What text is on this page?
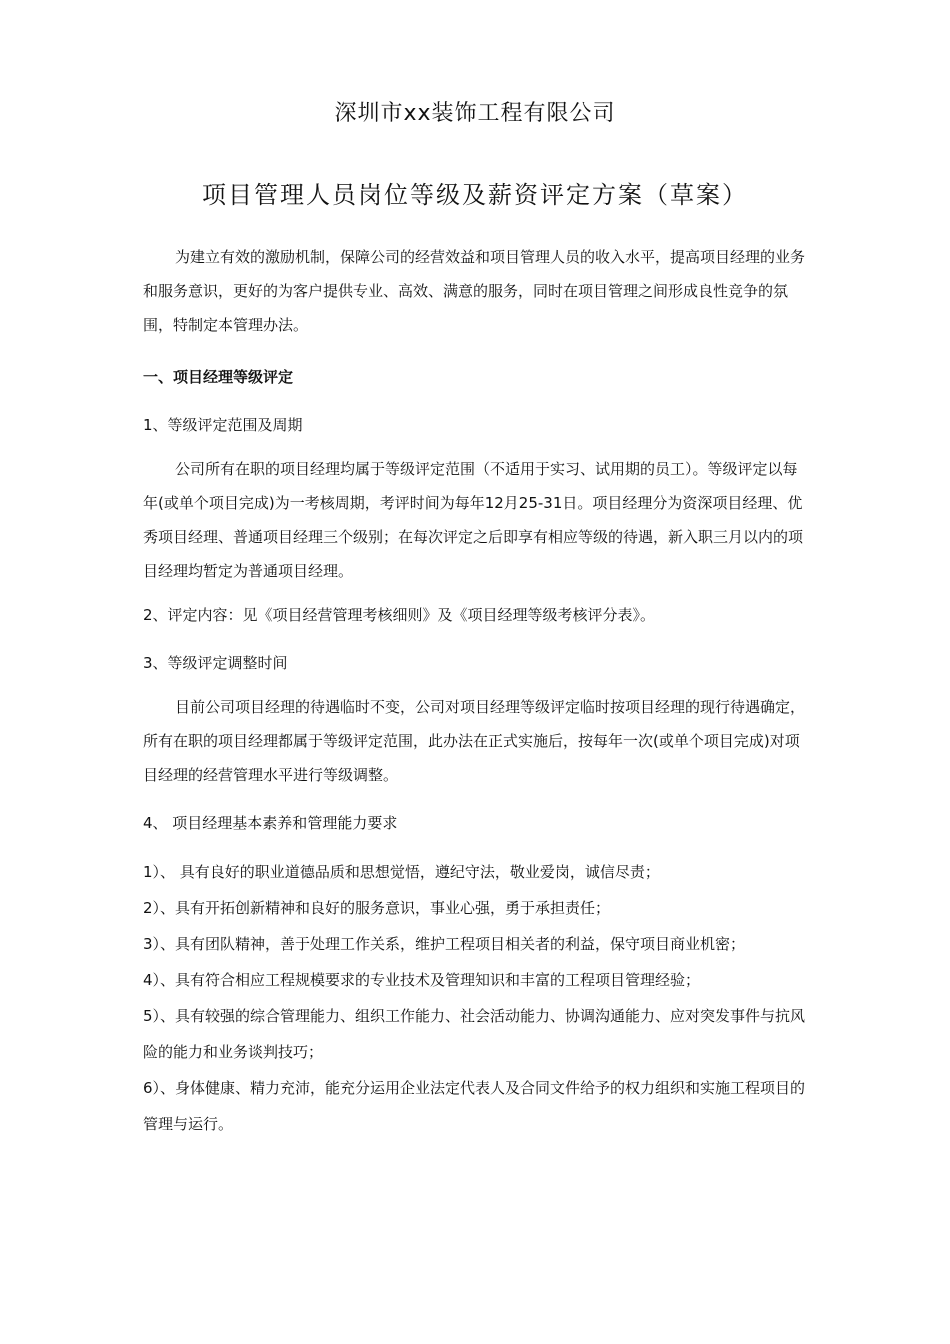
深圳市xx装饰工程有限公司
项目管理人员岗位等级及薪资评定方案（草案）

为建立有效的激励机制，保障公司的经营效益和项目管理人员的收入水平，提高项目经理的业务和服务意识，更好的为客户提供专业、高效、满意的服务，同时在项目管理之间形成良性竞争的氛围，特制定本管理办法。

一、项目经理等级评定

1、等级评定范围及周期

公司所有在职的项目经理均属于等级评定范围（不适用于实习、试用期的员工）。等级评定以每年(或单个项目完成)为一考核周期，考评时间为每年12月25-31日。项目经理分为资深项目经理、优秀项目经理、普通项目经理三个级别；在每次评定之后即享有相应等级的待遇，新入职三月以内的项目经理均暂定为普通项目经理。

2、评定内容：见《项目经营管理考核细则》及《项目经理等级考核评分表》。

3、等级评定调整时间

目前公司项目经理的待遇临时不变，公司对项目经理等级评定临时按项目经理的现行待遇确定，所有在职的项目经理都属于等级评定范围，此办法在正式实施后，按每年一次(或单个项目完成)对项目经理的经营管理水平进行等级调整。

4、 项目经理基本素养和管理能力要求

1）、 具有良好的职业道德品质和思想觉悟，遵纪守法，敬业爱岗，诚信尽责；

2）、具有开拓创新精神和良好的服务意识，事业心强，勇于承担责任；

3）、具有团队精神，善于处理工作关系，维护工程项目相关者的利益，保守项目商业机密；

4）、具有符合相应工程规模要求的专业技术及管理知识和丰富的工程项目管理经验；

5）、具有较强的综合管理能力、组织工作能力、社会活动能力、协调沟通能力、应对突发事件与抗风险的能力和业务谈判技巧；

6）、身体健康、精力充沛，能充分运用企业法定代表人及合同文件给予的权力组织和实施工程项目的管理与运行。
